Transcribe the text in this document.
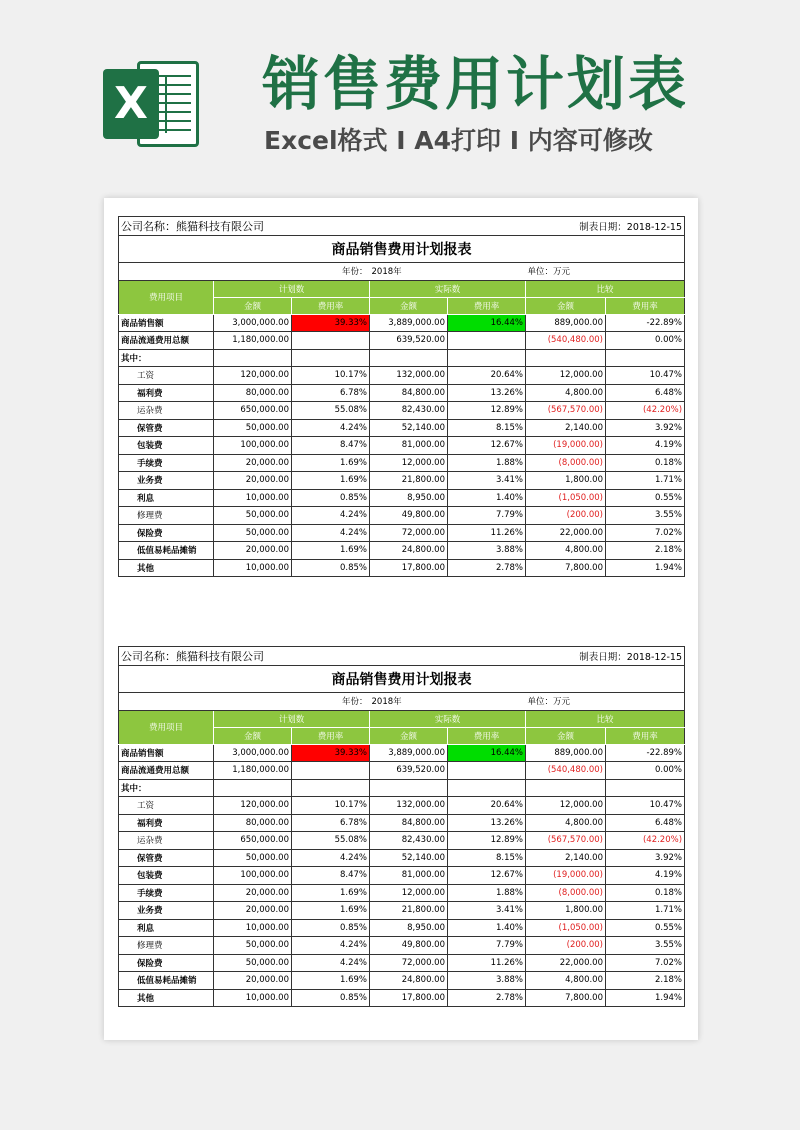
X 销售费用计划表
Excel格式 I A4打印 I 内容可修改
公司名称：熊猫科技有限公司				制表日期：2018-12-15		
商品销售费用计划报表						
年份：			2018年		单位：万元	
费用项目	计划数		实际数		比较	
	金额	费用率	金额	费用率	金额	费用率
商品销售额	3,000,000.00	39.33%	3,889,000.00	16.44%	889,000.00	-22.89%
商品流通费用总额	1,180,000.00		639,520.00		(540,480.00)	0.00%
其中：						
工资	120,000.00	10.17%	132,000.00	20.64%	12,000.00	10.47%
福利费	80,000.00	6.78%	84,800.00	13.26%	4,800.00	6.48%
运杂费	650,000.00	55.08%	82,430.00	12.89%	(567,570.00)	(42.20%)
保管费	50,000.00	4.24%	52,140.00	8.15%	2,140.00	3.92%
包装费	100,000.00	8.47%	81,000.00	12.67%	(19,000.00)	4.19%
手续费	20,000.00	1.69%	12,000.00	1.88%	(8,000.00)	0.18%
业务费	20,000.00	1.69%	21,800.00	3.41%	1,800.00	1.71%
利息	10,000.00	0.85%	8,950.00	1.40%	(1,050.00)	0.55%
修理费	50,000.00	4.24%	49,800.00	7.79%	(200.00)	3.55%
保险费	50,000.00	4.24%	72,000.00	11.26%	22,000.00	7.02%
低值易耗品摊销	20,000.00	1.69%	24,800.00	3.88%	4,800.00	2.18%
其他	10,000.00	0.85%	17,800.00	2.78%	7,800.00	1.94%
公司名称：熊猫科技有限公司				制表日期：2018-12-15		
商品销售费用计划报表						
年份：			2018年		单位：万元	
费用项目	计划数		实际数		比较	
	金额	费用率	金额	费用率	金额	费用率
商品销售额	3,000,000.00	39.33%	3,889,000.00	16.44%	889,000.00	-22.89%
商品流通费用总额	1,180,000.00		639,520.00		(540,480.00)	0.00%
其中：						
工资	120,000.00	10.17%	132,000.00	20.64%	12,000.00	10.47%
福利费	80,000.00	6.78%	84,800.00	13.26%	4,800.00	6.48%
运杂费	650,000.00	55.08%	82,430.00	12.89%	(567,570.00)	(42.20%)
保管费	50,000.00	4.24%	52,140.00	8.15%	2,140.00	3.92%
包装费	100,000.00	8.47%	81,000.00	12.67%	(19,000.00)	4.19%
手续费	20,000.00	1.69%	12,000.00	1.88%	(8,000.00)	0.18%
业务费	20,000.00	1.69%	21,800.00	3.41%	1,800.00	1.71%
利息	10,000.00	0.85%	8,950.00	1.40%	(1,050.00)	0.55%
修理费	50,000.00	4.24%	49,800.00	7.79%	(200.00)	3.55%
保险费	50,000.00	4.24%	72,000.00	11.26%	22,000.00	7.02%
低值易耗品摊销	20,000.00	1.69%	24,800.00	3.88%	4,800.00	2.18%
其他	10,000.00	0.85%	17,800.00	2.78%	7,800.00	1.94%
